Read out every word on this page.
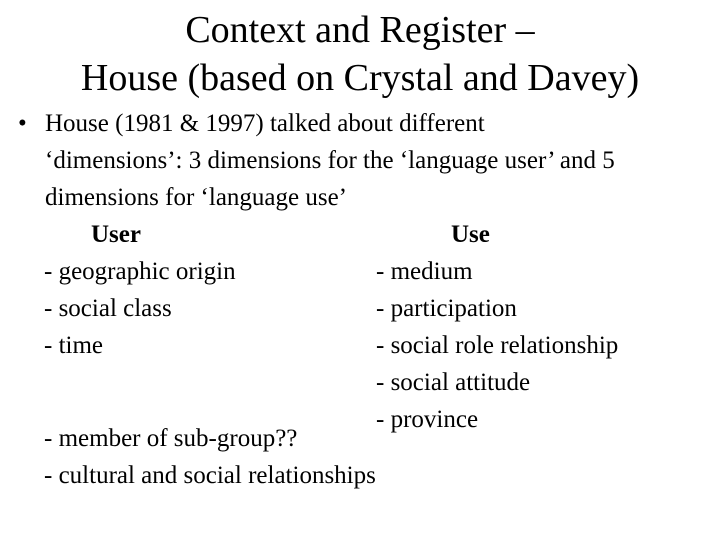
Context and Register –
House (based on Crystal and Davey)
• House (1981 & 1997) talked about different
‘dimensions’: 3 dimensions for the ‘language user’ and 5
dimensions for ‘language use’
User
- geographic origin
- social class
- time
Use
- medium
- participation
- social role relationship
- social attitude
- province
- member of sub-group??
- cultural and social relationships
